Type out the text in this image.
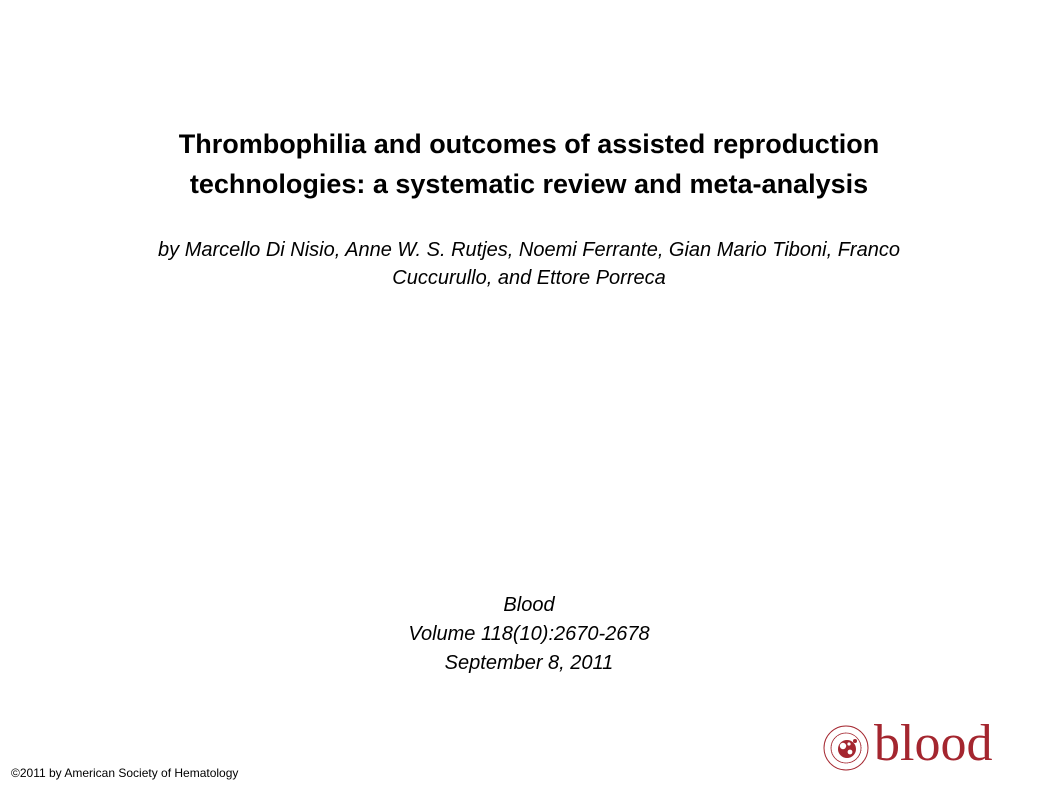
Thrombophilia and outcomes of assisted reproduction
technologies: a systematic review and meta-analysis
by Marcello Di Nisio, Anne W. S. Rutjes, Noemi Ferrante, Gian Mario Tiboni, Franco
Cuccurullo, and Ettore Porreca
Blood
Volume 118(10):2670-2678
September 8, 2011
©2011 by American Society of Hematology
blood
